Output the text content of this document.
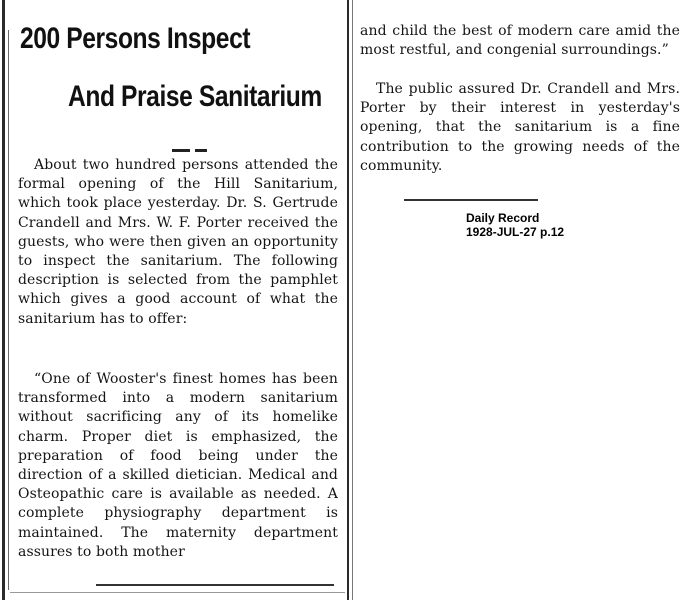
200 Persons Inspect
And Praise Sanitarium

About two hundred persons attended the formal opening of the Hill Sanitarium, which took place yesterday. Dr. S. Gertrude Crandell and Mrs. W. F. Porter received the guests, who were then given an opportunity to inspect the sanitarium. The following description is selected from the pamphlet which gives a good account of what the sanitarium has to offer:

“One of Wooster's finest homes has been transformed into a modern sanitarium without sacrificing any of its homelike charm. Proper diet is emphasized, the preparation of food being under the direction of a skilled dietician. Medical and Osteopathic care is available as needed. A complete physiography department is maintained. The maternity department assures to both mother

and child the best of modern care amid the most restful, and congenial surroundings.”

The public assured Dr. Crandell and Mrs. Porter by their interest in yesterday's opening, that the sanitarium is a fine contribution to the growing needs of the community.

Daily Record
1928-JUL-27 p.12
